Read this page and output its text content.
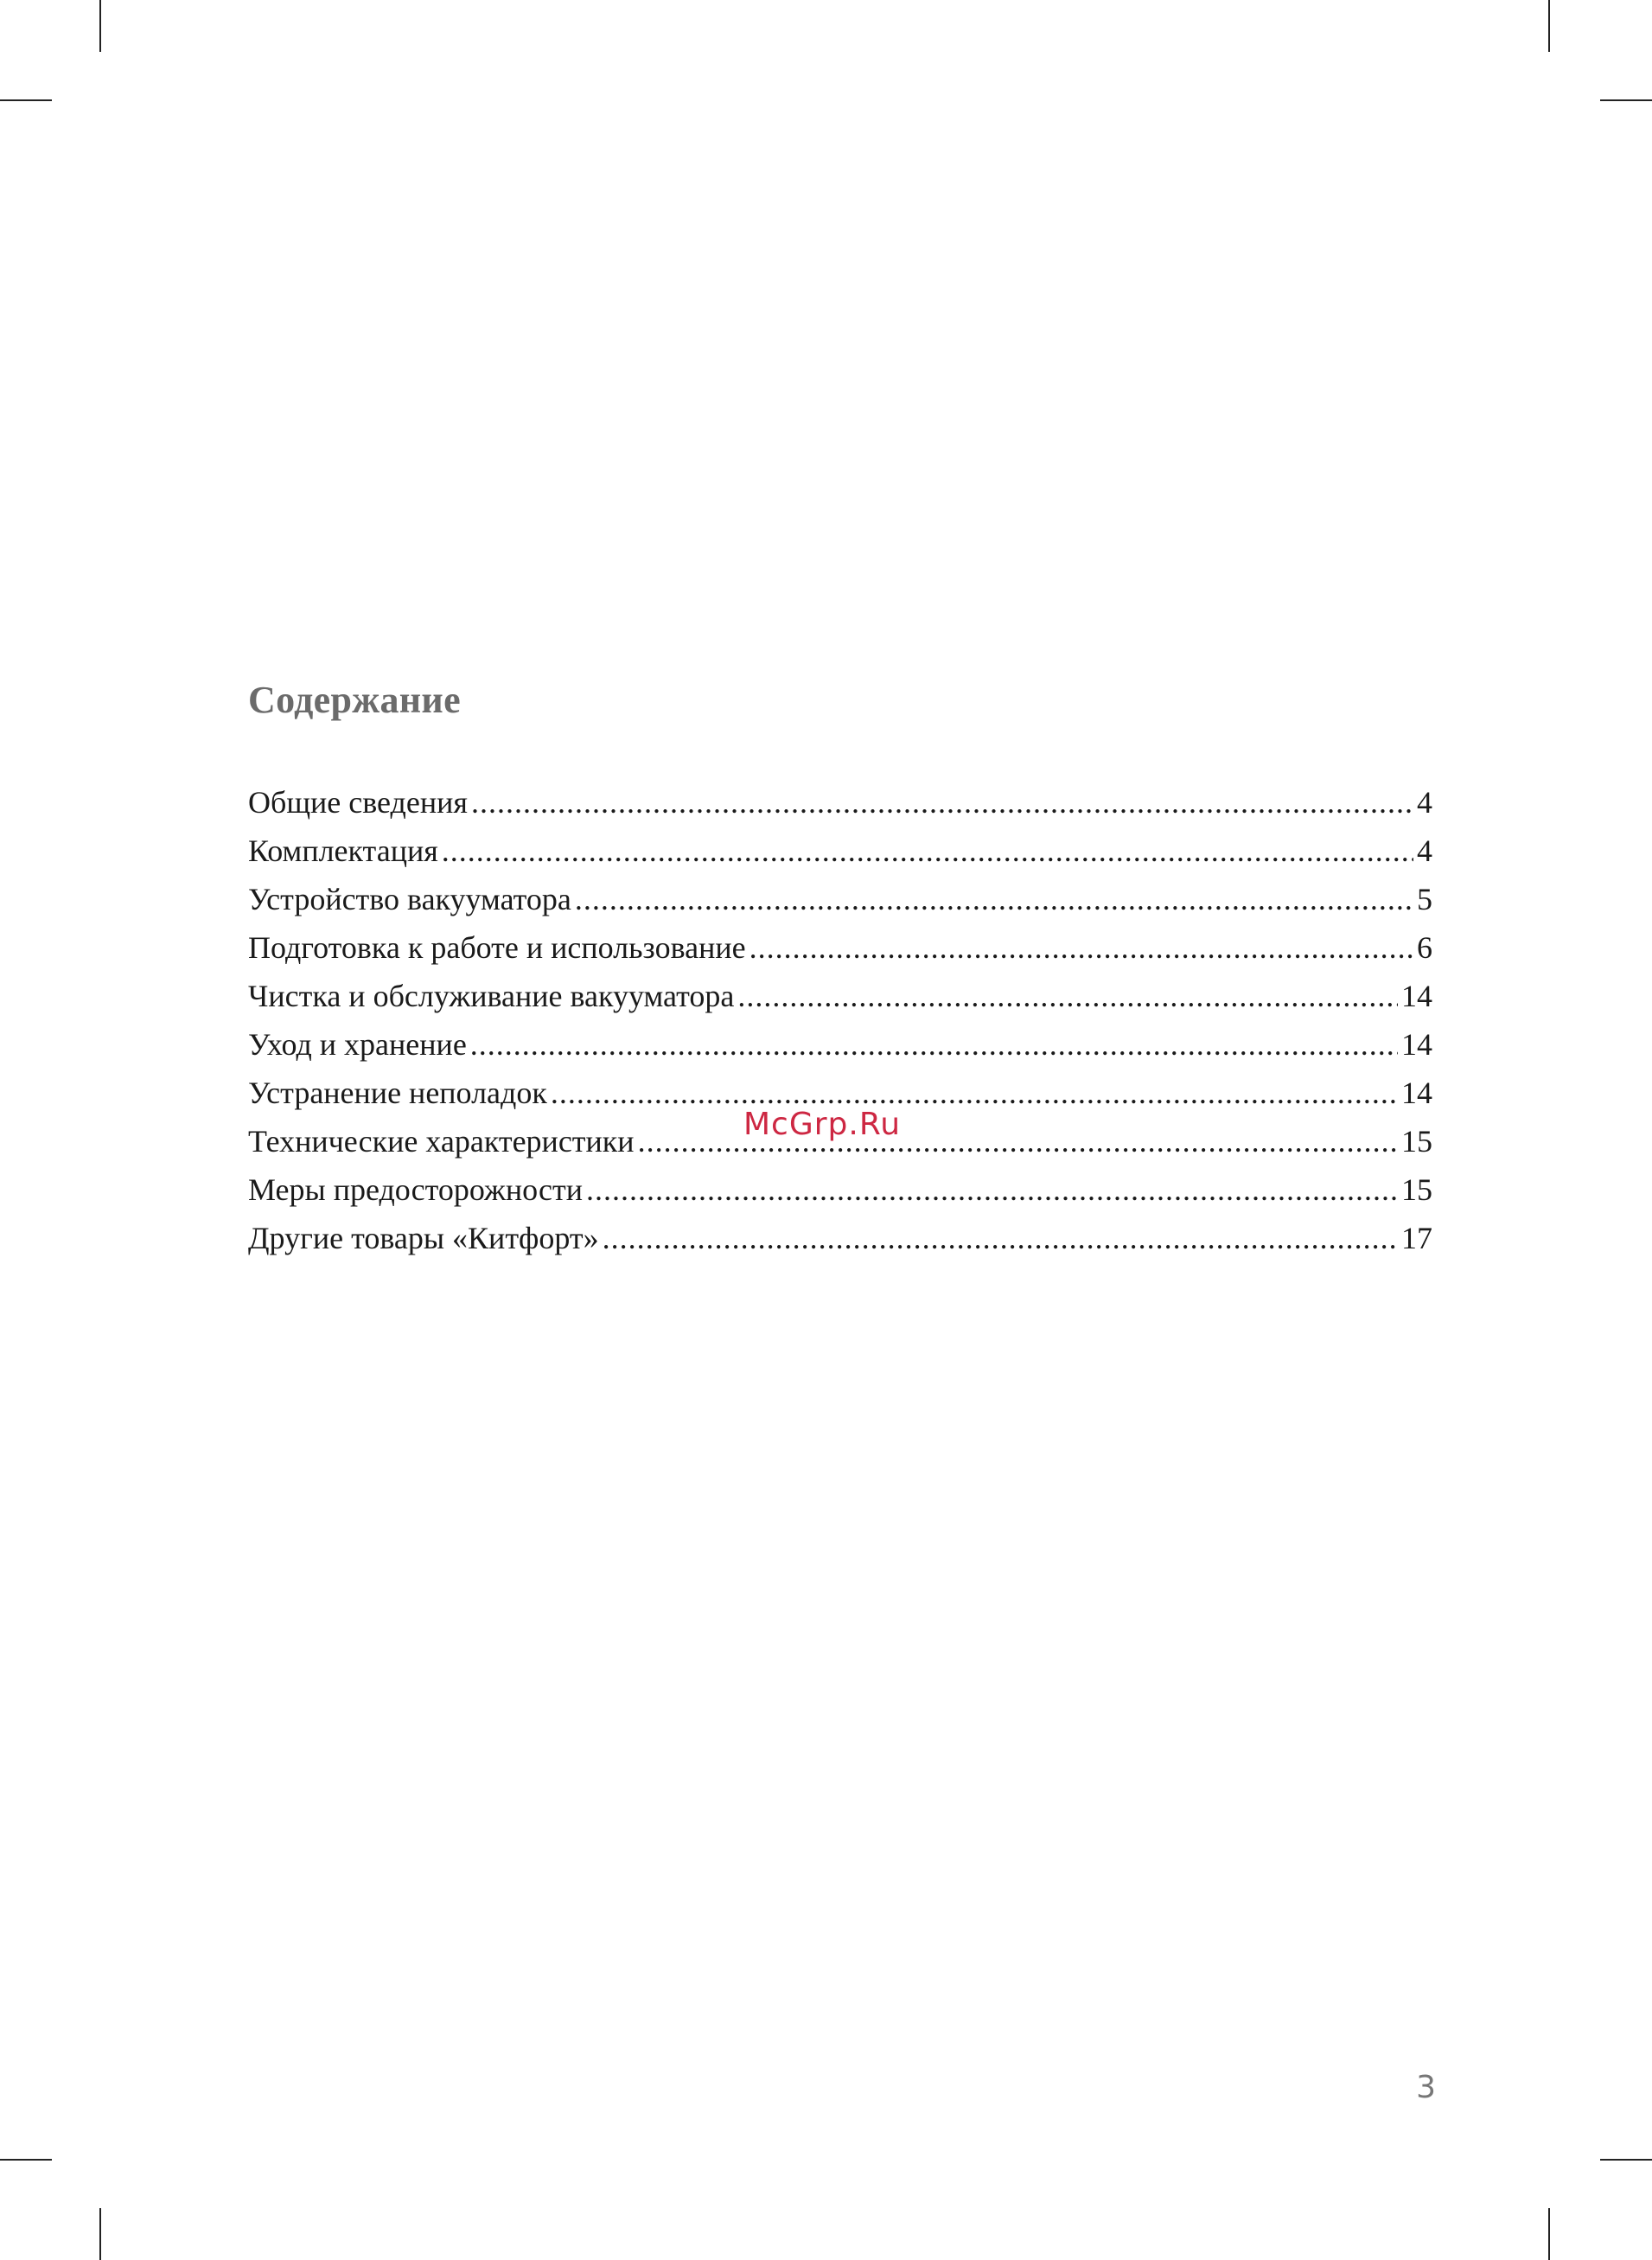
Содержание
Общие сведения .....	4
Комплектация .....	4
Устройство вакууматора .....	5
Подготовка к работе и использование .....	6
Чистка и обслуживание вакууматора .....	14
Уход и хранение .....	14
Устранение неполадок .....	14
Технические характеристики .....	15
Меры предосторожности .....	15
Другие товары «Китфорт» .....	17
McGrp.Ru
3
